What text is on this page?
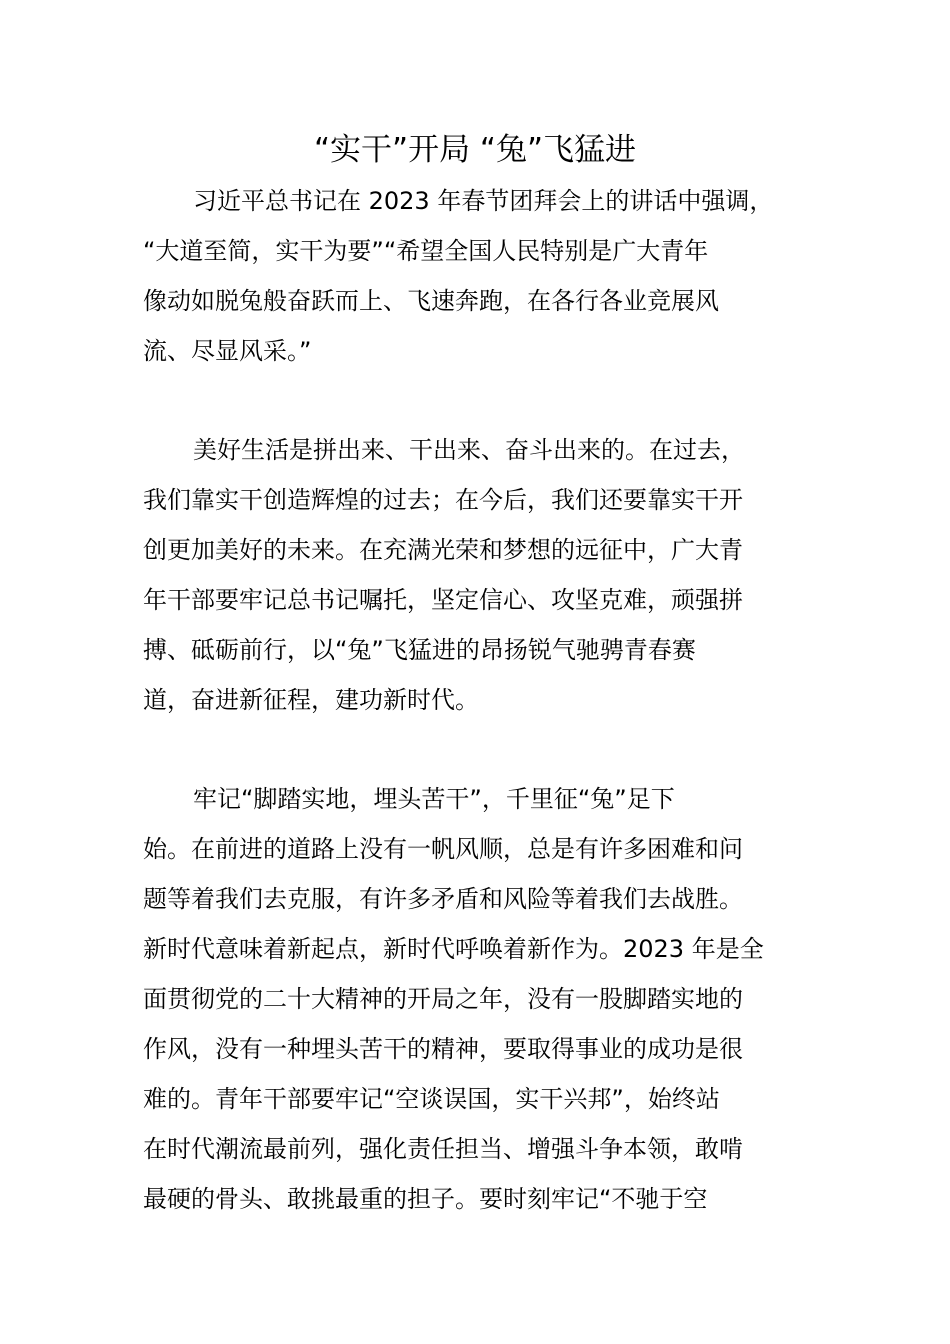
“实干”开局 “兔”飞猛进
习近平总书记在 2023 年春节团拜会上的讲话中强调，
“大道至简，实干为要”“希望全国人民特别是广大青年
像动如脱兔般奋跃而上、飞速奔跑，在各行各业竞展风
流、尽显风采。”
美好生活是拼出来、干出来、奋斗出来的。在过去，
我们靠实干创造辉煌的过去；在今后，我们还要靠实干开
创更加美好的未来。在充满光荣和梦想的远征中，广大青
年干部要牢记总书记嘱托，坚定信心、攻坚克难，顽强拼
搏、砥砺前行，以“兔”飞猛进的昂扬锐气驰骋青春赛
道，奋进新征程，建功新时代。
牢记“脚踏实地，埋头苦干”，千里征“兔”足下
始。在前进的道路上没有一帆风顺，总是有许多困难和问
题等着我们去克服，有许多矛盾和风险等着我们去战胜。
新时代意味着新起点，新时代呼唤着新作为。2023 年是全
面贯彻党的二十大精神的开局之年，没有一股脚踏实地的
作风，没有一种埋头苦干的精神，要取得事业的成功是很
难的。青年干部要牢记“空谈误国，实干兴邦”，始终站
在时代潮流最前列，强化责任担当、增强斗争本领，敢啃
最硬的骨头、敢挑最重的担子。要时刻牢记“不驰于空
